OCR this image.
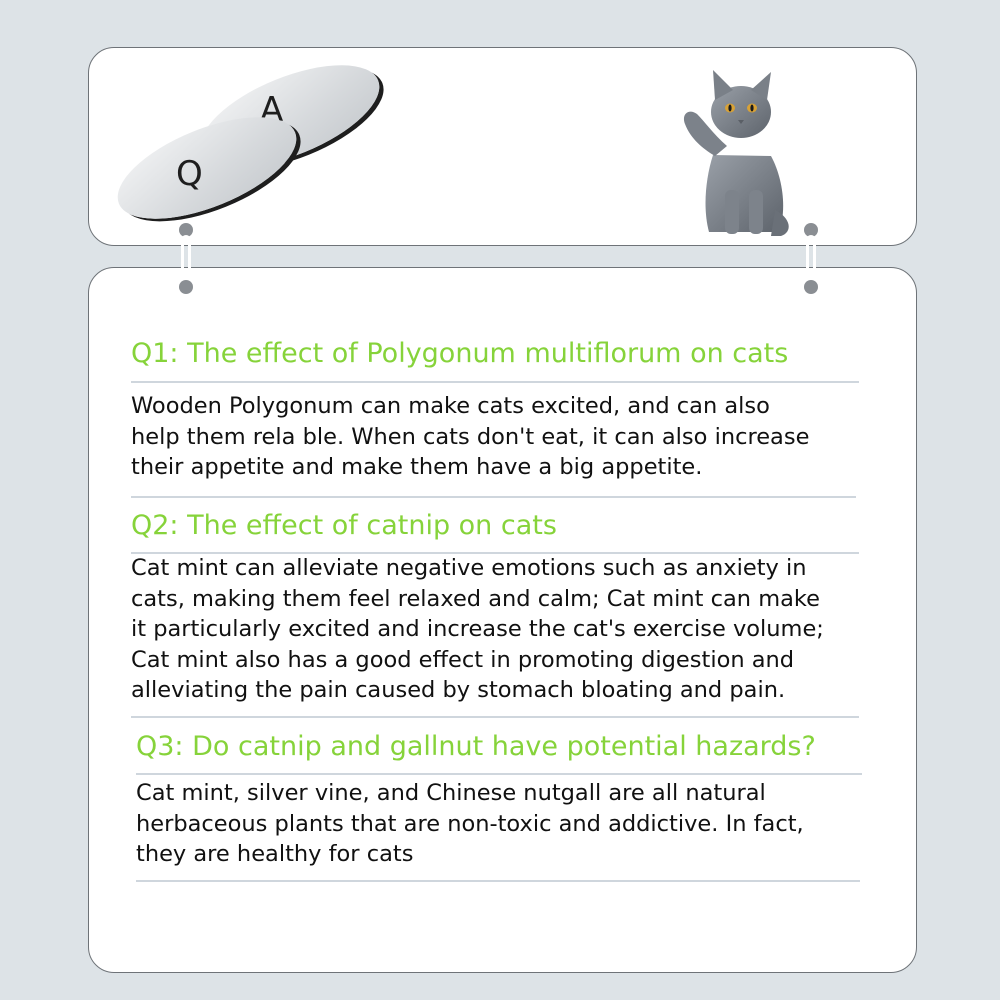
A
Q
Q1: The effect of Polygonum multiflorum on cats

Wooden Polygonum can make cats excited, and can also
help them rela ble. When cats don't eat, it can also increase
their appetite and make them have a big appetite.

Q2: The effect of catnip on cats

Cat mint can alleviate negative emotions such as anxiety in
cats, making them feel relaxed and calm; Cat mint can make
it particularly excited and increase the cat's exercise volume;
Cat mint also has a good effect in promoting digestion and
alleviating the pain caused by stomach bloating and pain.

Q3: Do catnip and gallnut have potential hazards?

Cat mint, silver vine, and Chinese nutgall are all natural
herbaceous plants that are non-toxic and addictive. In fact,
they are healthy for cats
